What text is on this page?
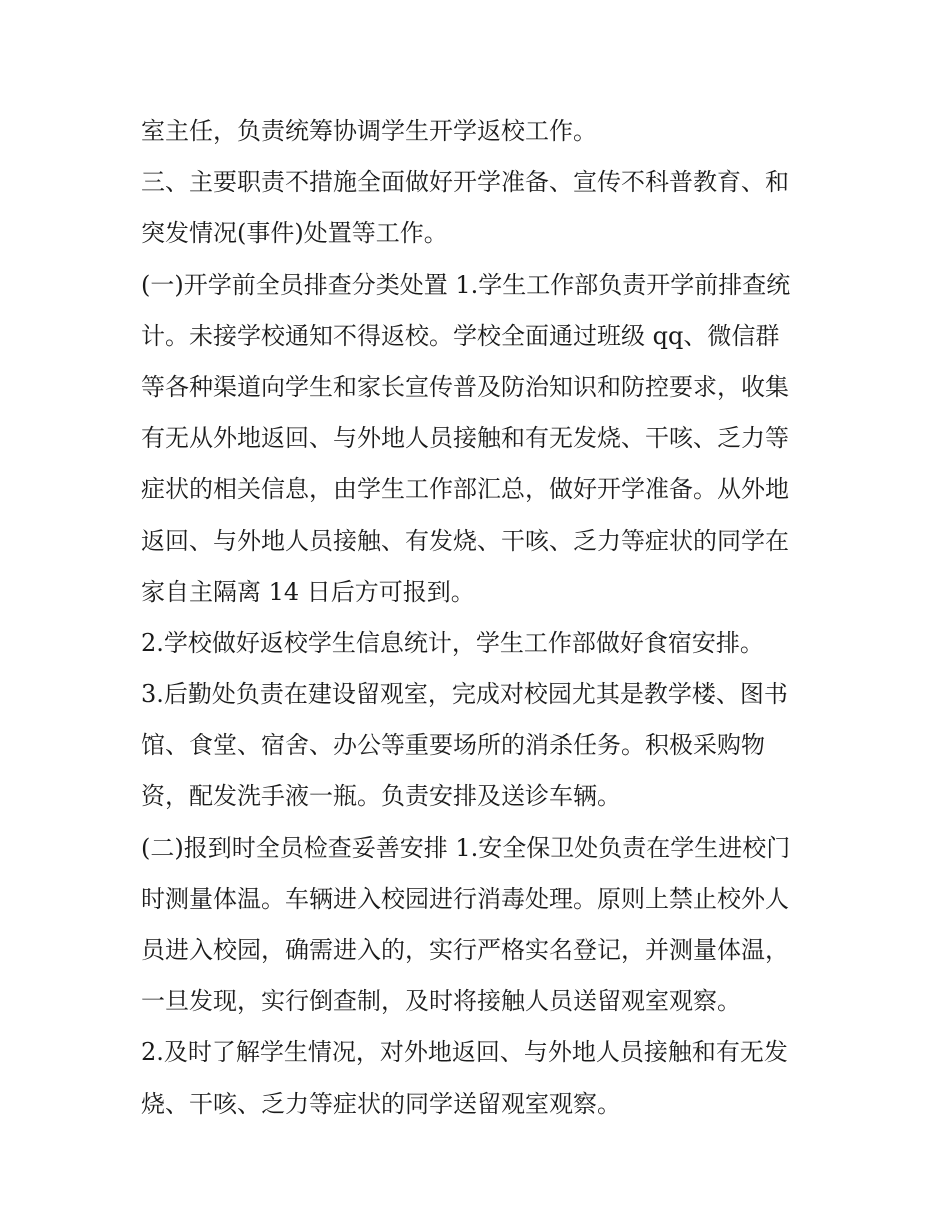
室主任，负责统筹协调学生开学返校工作。
三、主要职责不措施全面做好开学准备、宣传不科普教育、和
突发情况(事件)处置等工作。
(一)开学前全员排查分类处置 1.学生工作部负责开学前排查统
计。未接学校通知不得返校。学校全面通过班级 qq、微信群
等各种渠道向学生和家长宣传普及防治知识和防控要求，收集
有无从外地返回、与外地人员接触和有无发烧、干咳、乏力等
症状的相关信息，由学生工作部汇总，做好开学准备。从外地
返回、与外地人员接触、有发烧、干咳、乏力等症状的同学在
家自主隔离 14 日后方可报到。
2.学校做好返校学生信息统计，学生工作部做好食宿安排。
3.后勤处负责在建设留观室，完成对校园尤其是教学楼、图书
馆、食堂、宿舍、办公等重要场所的消杀任务。积极采购物
资，配发洗手液一瓶。负责安排及送诊车辆。
(二)报到时全员检查妥善安排 1.安全保卫处负责在学生进校门
时测量体温。车辆进入校园进行消毒处理。原则上禁止校外人
员进入校园，确需进入的，实行严格实名登记，并测量体温，
一旦发现，实行倒查制，及时将接触人员送留观室观察。
2.及时了解学生情况，对外地返回、与外地人员接触和有无发
烧、干咳、乏力等症状的同学送留观室观察。
